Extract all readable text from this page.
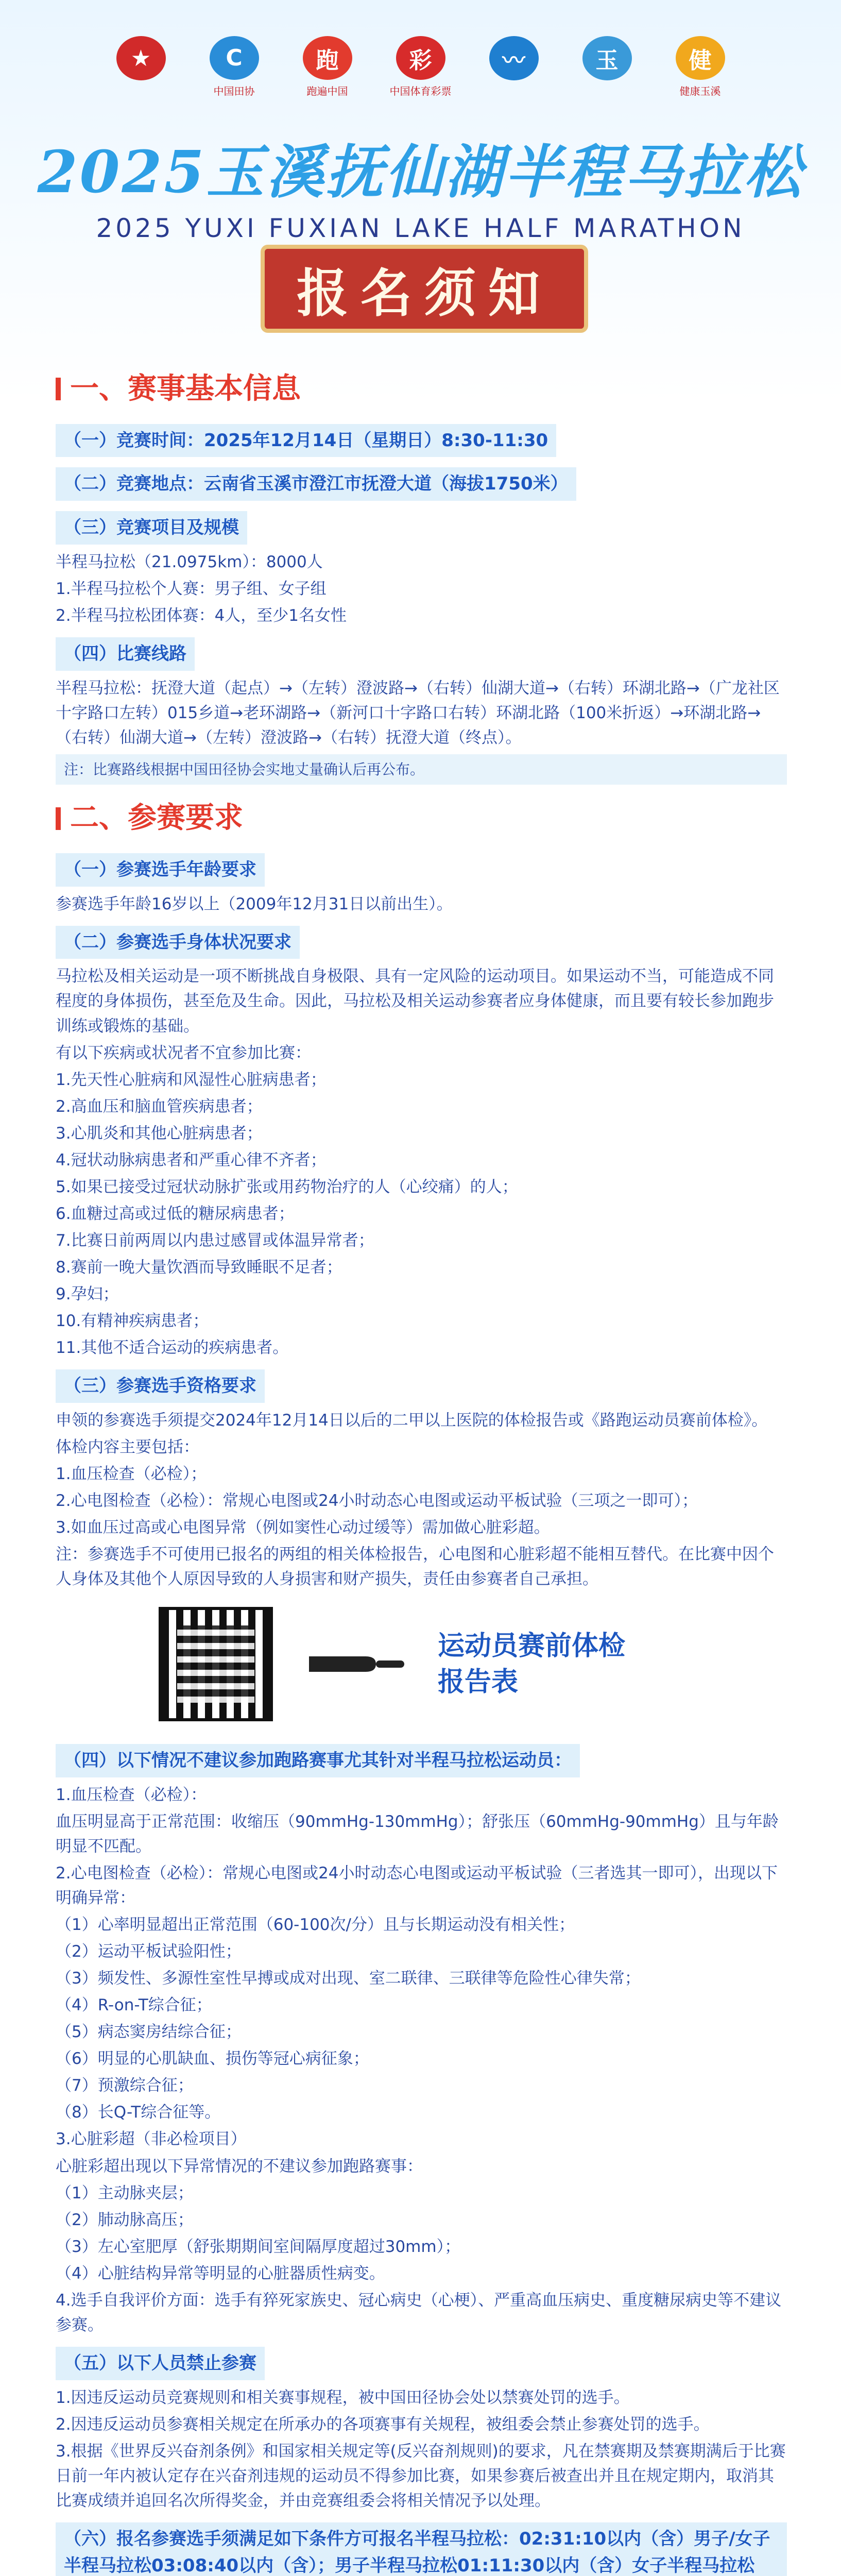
★	C
中国田协
跑
跑遍中国
彩
中国体育彩票
〰	玉	健
健康玉溪
2025玉溪抚仙湖半程马拉松
2025 YUXI FUXIAN LAKE HALF MARATHON
报名须知
一、赛事基本信息
（一）竞赛时间：2025年12月14日（星期日）8:30-11:30
（二）竞赛地点：云南省玉溪市澄江市抚澄大道（海拔1750米）
（三）竞赛项目及规模
半程马拉松（21.0975km）：8000人
1.半程马拉松个人赛：男子组、女子组
2.半程马拉松团体赛：4人，至少1名女性
（四）比赛线路
半程马拉松：抚澄大道（起点）→（左转）澄波路→（右转）仙湖大道→（右转）环湖北路→（广龙社区十字路口左转）015乡道→老环湖路→（新河口十字路口右转）环湖北路（100米折返）→环湖北路→（右转）仙湖大道→（左转）澄波路→（右转）抚澄大道（终点）。
注：比赛路线根据中国田径协会实地丈量确认后再公布。
二、参赛要求
（一）参赛选手年龄要求

参赛选手年龄16岁以上（2009年12月31日以前出生）。
（二）参赛选手身体状况要求

马拉松及相关运动是一项不断挑战自身极限、具有一定风险的运动项目。如果运动不当，可能造成不同程度的身体损伤，甚至危及生命。因此，马拉松及相关运动参赛者应身体健康，而且要有较长参加跑步训练或锻炼的基础。
有以下疾病或状况者不宜参加比赛：
1.先天性心脏病和风湿性心脏病患者；
2.高血压和脑血管疾病患者；
3.心肌炎和其他心脏病患者；
4.冠状动脉病患者和严重心律不齐者；
5.如果已接受过冠状动脉扩张或用药物治疗的人（心绞痛）的人；
6.血糖过高或过低的糖尿病患者；
7.比赛日前两周以内患过感冒或体温异常者；
8.赛前一晚大量饮酒而导致睡眠不足者；
9.孕妇；
10.有精神疾病患者；
11.其他不适合运动的疾病患者。
（三）参赛选手资格要求

申领的参赛选手须提交2024年12月14日以后的二甲以上医院的体检报告或《路跑运动员赛前体检》。
体检内容主要包括：
1.血压检查（必检）；
2.心电图检查（必检）：常规心电图或24小时动态心电图或运动平板试验（三项之一即可）；
3.如血压过高或心电图异常（例如窦性心动过缓等）需加做心脏彩超。
注：参赛选手不可使用已报名的两组的相关体检报告，心电图和心脏彩超不能相互替代。在比赛中因个人身体及其他个人原因导致的人身损害和财产损失，责任由参赛者自己承担。
运动员赛前体检
报告表
（四）以下情况不建议参加跑路赛事尤其针对半程马拉松运动员：

1.血压检查（必检）：
血压明显高于正常范围：收缩压（90mmHg-130mmHg）；舒张压（60mmHg-90mmHg）且与年龄明显不匹配。
2.心电图检查（必检）：常规心电图或24小时动态心电图或运动平板试验（三者选其一即可），出现以下明确异常：
（1）心率明显超出正常范围（60-100次/分）且与长期运动没有相关性；
（2）运动平板试验阳性；
（3）频发性、多源性室性早搏或成对出现、室二联律、三联律等危险性心律失常；
（4）R-on-T综合征；
（5）病态窦房结综合征；
（6）明显的心肌缺血、损伤等冠心病征象；
（7）预激综合征；
（8）长Q-T综合征等。
3.心脏彩超（非必检项目）
心脏彩超出现以下异常情况的不建议参加跑路赛事：
（1）主动脉夹层；
（2）肺动脉高压；
（3）左心室肥厚（舒张期期间室间隔厚度超过30mm）；
（4）心脏结构异常等明显的心脏器质性病变。
4.选手自我评价方面：选手有猝死家族史、冠心病史（心梗）、严重高血压病史、重度糖尿病史等不建议参赛。
（五）以下人员禁止参赛

1.因违反运动员竞赛规则和相关赛事规程，被中国田径协会处以禁赛处罚的选手。
2.因违反运动员参赛相关规定在所承办的各项赛事有关规程，被组委会禁止参赛处罚的选手。
3.根据《世界反兴奋剂条例》和国家相关规定等(反兴奋剂规则)的要求，凡在禁赛期及禁赛期满后于比赛日前一年内被认定存在兴奋剂违规的运动员不得参加比赛，如果参赛后被查出并且在规定期内，取消其比赛成绩并追回名次所得奖金，并由竞赛组委会将相关情况予以处理。
（六）报名参赛选手须满足如下条件方可报名半程马拉松：02:31:10以内（含）男子/女子半程马拉松03:08:40以内（含）；男子半程马拉松01:11:30以内（含）女子半程马拉松
